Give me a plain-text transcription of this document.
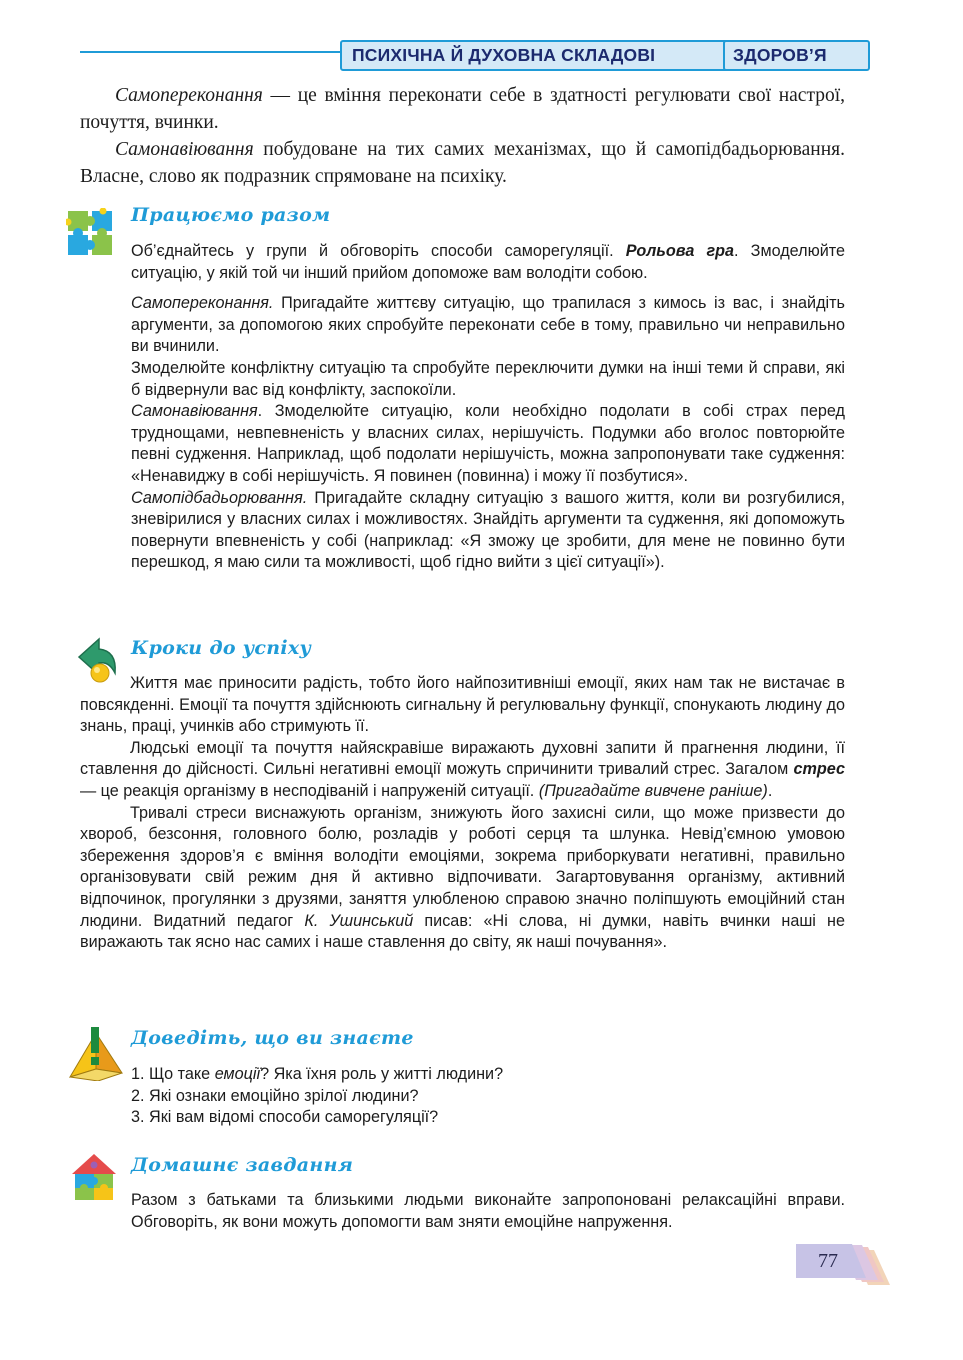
ПСИХІЧНА Й ДУХОВНА СКЛАДОВІ	ЗДОРОВ’Я

Самопереконання — це вміння переконати себе в здатності регулювати свої настрої, почуття, вчинки.

Самонавіювання побудоване на тих самих механізмах, що й самопідбадьорювання. Власне, слово як подразник спрямоване на психіку.

Працюємо разом

Об’єднайтесь у групи й обговоріть способи саморегуляції. Рольова гра. Змоделюйте ситуацію, у якій той чи інший прийом допоможе вам володіти собою.

Самопереконання. Пригадайте життєву ситуацію, що трапилася з кимось із вас, і знайдіть аргументи, за допомогою яких спробуйте переконати себе в тому, правильно чи неправильно ви вчинили.

Змоделюйте конфліктну ситуацію та спробуйте переключити думки на інші теми й справи, які б відвернули вас від конфлікту, заспокоїли.

Самонавіювання. Змоделюйте ситуацію, коли необхідно подолати в собі страх перед труднощами, невпевненість у власних силах, нерішучість. Подумки або вголос повторюйте певні судження. Наприклад, щоб подолати нерішучість, можна запропонувати таке судження: «Ненавиджу в собі нерішучість. Я повинен (повинна) і можу її позбутися».

Самопідбадьорювання. Пригадайте складну ситуацію з вашого життя, коли ви розгубилися, зневірилися у власних силах і можливостях. Знайдіть аргументи та судження, які допоможуть повернути впевненість у собі (наприклад: «Я зможу це зробити, для мене не повинно бути перешкод, я маю сили та можливості, щоб гідно вийти з цієї ситуації»).

Кроки до успіху

Життя має приносити радість, тобто його найпозитивніші емоції, яких нам так не вистачає в повсякденні. Емоції та почуття здійснюють сигнальну й регулювальну функції, спонукають людину до знань, праці, учинків або стримують її.

Людські емоції та почуття найяскравіше виражають духовні запити й прагнення людини, її ставлення до дійсності. Сильні негативні емоції можуть спричинити тривалий стрес. Загалом стрес — це реакція організму в несподіваній і напруженій ситуації. (Пригадайте вивчене раніше).

Тривалі стреси виснажують організм, знижують його захисні сили, що може призвести до хвороб, безсоння, головного болю, розладів у роботі серця та шлунка. Невід’ємною умовою збереження здоров’я є вміння володіти емоціями, зокрема приборкувати негативні, правильно організовувати свій режим дня й активно відпочивати. Загартовування організму, активний відпочинок, прогулянки з друзями, заняття улюбленою справою значно поліпшують емоційний стан людини. Видатний педагог К. Ушинський писав: «Ні слова, ні думки, навіть вчинки наші не виражають так ясно нас самих і наше ставлення до світу, як наші почування».

Доведіть, що ви знаєте

1. Що таке емоції? Яка їхня роль у житті людини?

2. Які ознаки емоційно зрілої людини?

3. Які вам відомі способи саморегуляції?

Домашнє завдання

Разом з батьками та близькими людьми виконайте запропоновані релаксаційні вправи. Обговоріть, як вони можуть допомогти вам зняти емоційне напруження.

77
